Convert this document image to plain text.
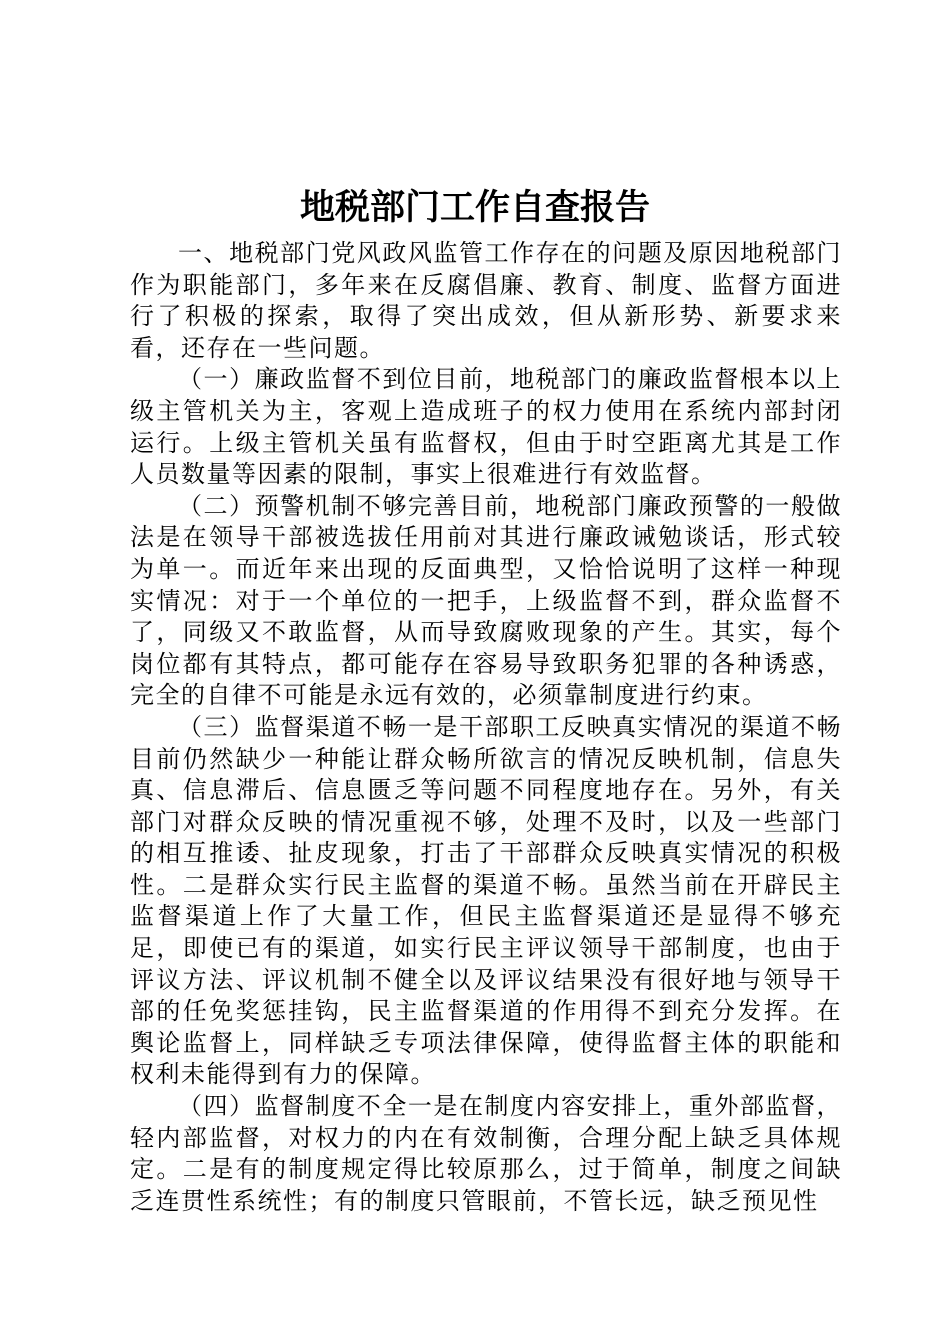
地税部门工作自查报告

一、地税部门党风政风监管工作存在的问题及原因地税部门作为职能部门，多年来在反腐倡廉、教育、制度、监督方面进行了积极的探索，取得了突出成效，但从新形势、新要求来看，还存在一些问题。

（一）廉政监督不到位目前，地税部门的廉政监督根本以上级主管机关为主，客观上造成班子的权力使用在系统内部封闭运行。上级主管机关虽有监督权，但由于时空距离尤其是工作人员数量等因素的限制，事实上很难进行有效监督。

（二）预警机制不够完善目前，地税部门廉政预警的一般做法是在领导干部被选拔任用前对其进行廉政诫勉谈话，形式较为单一。而近年来出现的反面典型，又恰恰说明了这样一种现实情况：对于一个单位的一把手，上级监督不到，群众监督不了，同级又不敢监督，从而导致腐败现象的产生。其实，每个岗位都有其特点，都可能存在容易导致职务犯罪的各种诱惑，完全的自律不可能是永远有效的，必须靠制度进行约束。

（三）监督渠道不畅一是干部职工反映真实情况的渠道不畅目前仍然缺少一种能让群众畅所欲言的情况反映机制，信息失真、信息滞后、信息匮乏等问题不同程度地存在。另外，有关部门对群众反映的情况重视不够，处理不及时，以及一些部门的相互推诿、扯皮现象，打击了干部群众反映真实情况的积极性。二是群众实行民主监督的渠道不畅。虽然当前在开辟民主监督渠道上作了大量工作，但民主监督渠道还是显得不够充足，即使已有的渠道，如实行民主评议领导干部制度，也由于评议方法、评议机制不健全以及评议结果没有很好地与领导干部的任免奖惩挂钩，民主监督渠道的作用得不到充分发挥。在舆论监督上，同样缺乏专项法律保障，使得监督主体的职能和权利未能得到有力的保障。

（四）监督制度不全一是在制度内容安排上，重外部监督，轻内部监督，对权力的内在有效制衡，合理分配上缺乏具体规定。二是有的制度规定得比较原那么，过于简单，制度之间缺乏连贯性系统性；有的制度只管眼前，不管长远，缺乏预见性
